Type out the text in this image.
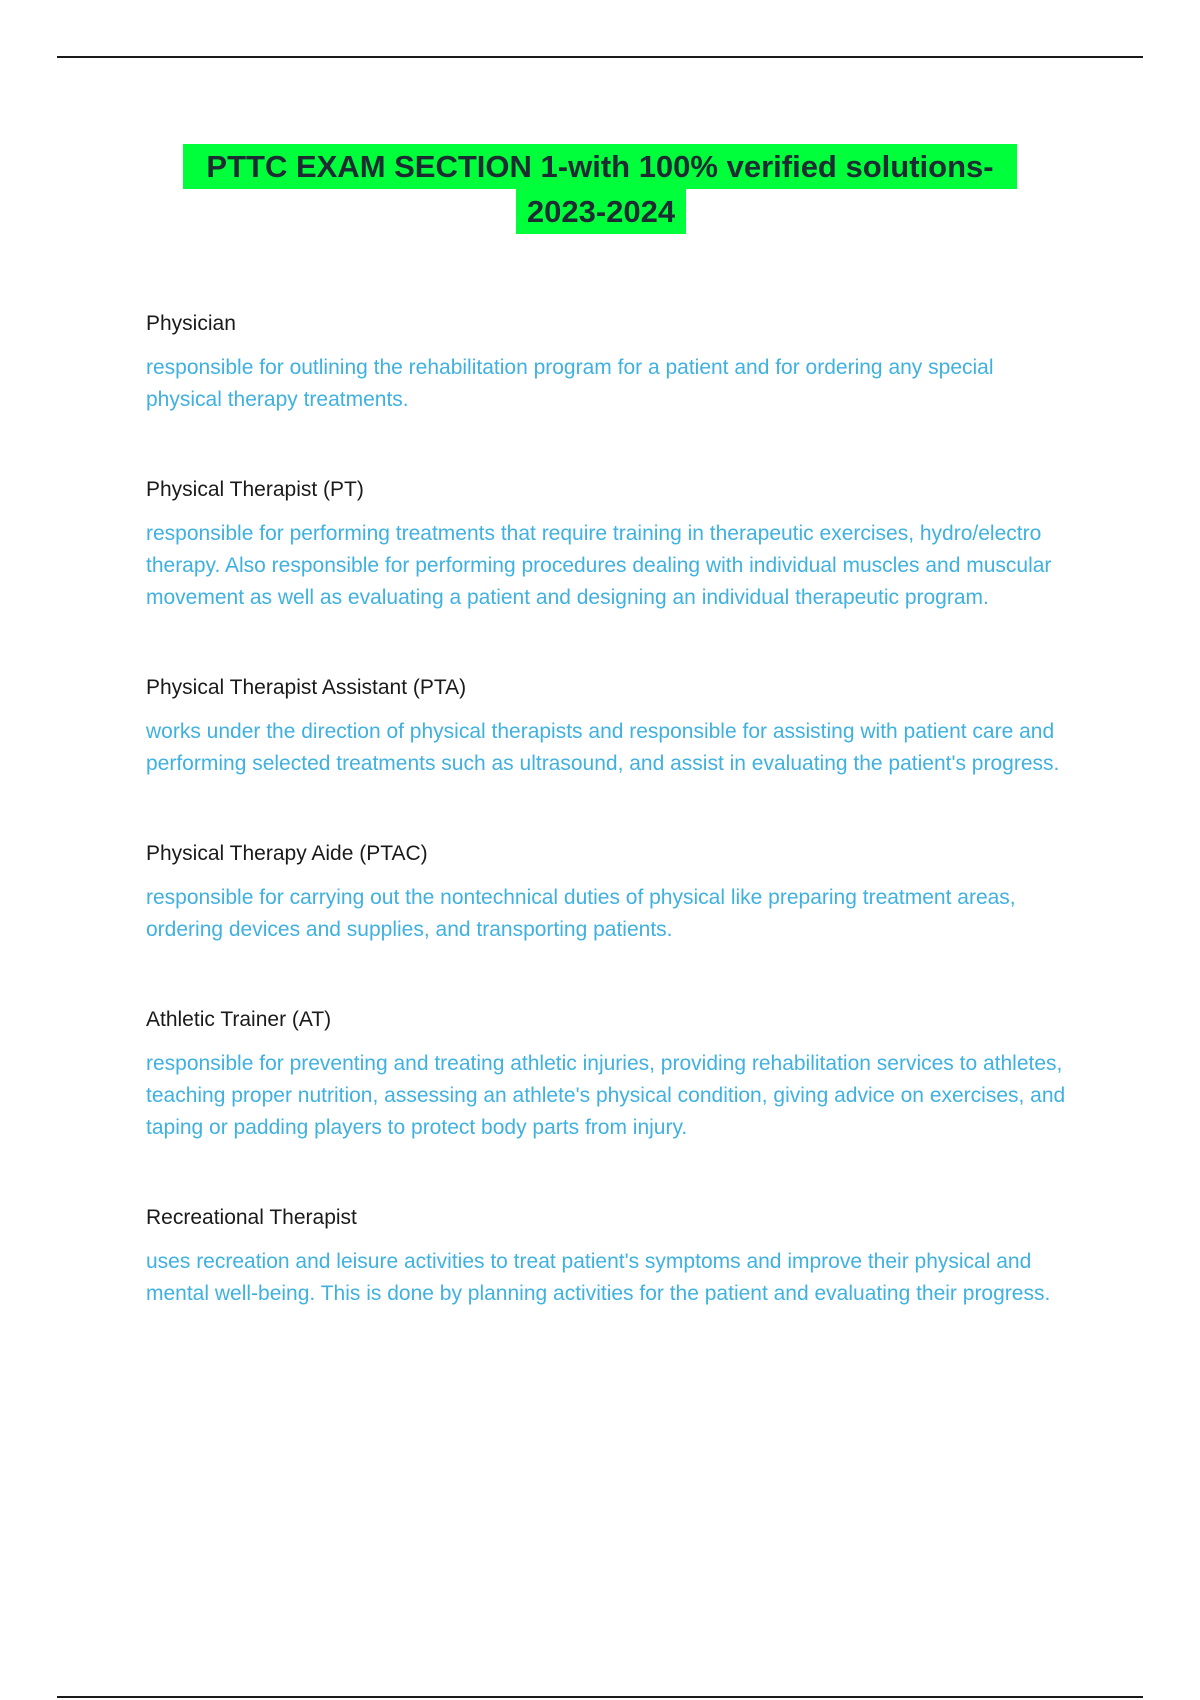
PTTC EXAM SECTION 1-with 100% verified solutions-
2023-2024

Physician

responsible for outlining the rehabilitation program for a patient and for ordering any special physical therapy treatments.

Physical Therapist (PT)

responsible for performing treatments that require training in therapeutic exercises, hydro/electro therapy. Also responsible for performing procedures dealing with individual muscles and muscular movement as well as evaluating a patient and designing an individual therapeutic program.

Physical Therapist Assistant (PTA)

works under the direction of physical therapists and responsible for assisting with patient care and performing selected treatments such as ultrasound, and assist in evaluating the patient's progress.

Physical Therapy Aide (PTAC)

responsible for carrying out the nontechnical duties of physical like preparing treatment areas, ordering devices and supplies, and transporting patients.

Athletic Trainer (AT)

responsible for preventing and treating athletic injuries, providing rehabilitation services to athletes, teaching proper nutrition, assessing an athlete's physical condition, giving advice on exercises, and taping or padding players to protect body parts from injury.

Recreational Therapist

uses recreation and leisure activities to treat patient's symptoms and improve their physical and mental well-being. This is done by planning activities for the patient and evaluating their progress.
